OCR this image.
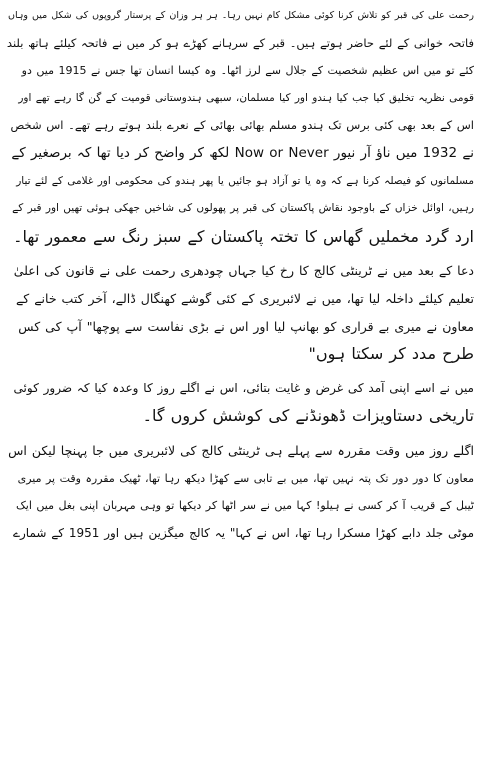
رحمت علی کی قبر کو تلاش کرنا کوئی مشکل کام نہیں رہا۔ ہر ہر وزان کے پرستار گروپوں کی شکل میں وہاں
فاتحہ خوانی کے لئے حاضر ہوتے ہیں۔ قبر کے سرہانے کھڑے ہو کر میں نے فاتحہ کیلئے ہاتھ بلند
کئے تو میں اس عظیم شخصیت کے جلال سے لرز اٹھا۔ وہ کیسا انسان تھا جس نے 1915 میں دو
قومی نظریہ تخلیق کیا جب کیا ہندو اور کیا مسلمان، سبھی ہندوستانی قومیت کے گن گا رہے تھے اور
اس کے بعد بھی کئی برس تک ہندو مسلم بھائی بھائی کے نعرے بلند ہوتے رہے تھے۔ اس شخص
نے 1932 میں ناؤ آر نیور Now or Never لکھ کر واضح کر دیا تھا کہ برصغیر کے
مسلمانوں کو فیصلہ کرنا ہے کہ وہ یا تو آزاد ہو جائیں یا پھر ہندو کی محکومی اور غلامی کے لئے تیار
رہیں، اوائل خزاں کے باوجود نقاش پاکستان کی قبر پر پھولوں کی شاخیں جھکی ہوئی تھیں اور قبر کے
ارد گرد مخملیں گھاس کا تختہ پاکستان کے سبز رنگ سے معمور تھا۔

دعا کے بعد میں نے ٹرینٹی کالج کا رخ کیا جہاں چودھری رحمت علی نے قانون کی اعلیٰ
تعلیم کیلئے داخلہ لیا تھا، میں نے لائبریری کے کئی گوشے کھنگال ڈالے، آخر کتب خانے کے
معاون نے میری بے قراری کو بھانپ لیا اور اس نے بڑی نفاست سے پوچھا" آپ کی کس
طرح مدد کر سکتا ہوں"

میں نے اسے اپنی آمد کی غرض و غایت بتائی، اس نے اگلے روز کا وعدہ کیا کہ ضرور کوئی
تاریخی دستاویزات ڈھونڈنے کی کوشش کروں گا۔

اگلے روز میں وقت مقررہ سے پہلے ہی ٹرینٹی کالج کی لائبریری میں جا پہنچا لیکن اس
معاون کا دور دور تک پتہ نہیں تھا، میں بے تابی سے کھڑا دیکھ رہا تھا، ٹھیک مقررہ وقت پر میری
ٹیبل کے قریب آ کر کسی نے ہیلو! کہا میں نے سر اٹھا کر دیکھا تو وہی مہربان اپنی بغل میں ایک
موٹی جلد دابے کھڑا مسکرا رہا تھا، اس نے کہا" یہ کالج میگزین ہیں اور 1951 کے شمارے
